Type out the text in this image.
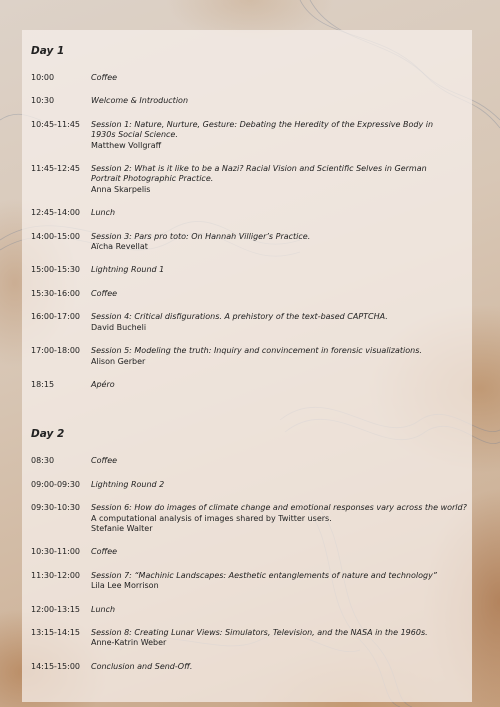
Day 1
10:00	Coffee
10:30	Welcome & Introduction
10:45-11:45	Session 1: Nature, Nurture, Gesture: Debating the Heredity of the Expressive Body in
1930s Social Science.
Matthew Vollgraff
11:45-12:45	Session 2: What is it like to be a Nazi? Racial Vision and Scientific Selves in German
Portrait Photographic Practice.
Anna Skarpelis
12:45-14:00	Lunch
14:00-15:00	Session 3: Pars pro toto: On Hannah Villiger’s Practice.
Aïcha Revellat
15:00-15:30	Lightning Round 1
15:30-16:00	Coffee
16:00-17:00	Session 4: Critical disfigurations. A prehistory of the text-based CAPTCHA.
David Bucheli
17:00-18:00	Session 5: Modeling the truth: Inquiry and convincement in forensic visualizations.
Alison Gerber
18:15	Apéro
Day 2
08:30	Coffee
09:00-09:30	Lightning Round 2
09:30-10:30	Session 6: How do images of climate change and emotional responses vary across the world?
A computational analysis of images shared by Twitter users.
Stefanie Walter
10:30-11:00	Coffee
11:30-12:00	Session 7: “Machinic Landscapes: Aesthetic entanglements of nature and technology”
Lila Lee Morrison
12:00-13:15	Lunch
13:15-14:15	Session 8: Creating Lunar Views: Simulators, Television, and the NASA in the 1960s.
Anne-Katrin Weber
14:15-15:00	Conclusion and Send-Off.
